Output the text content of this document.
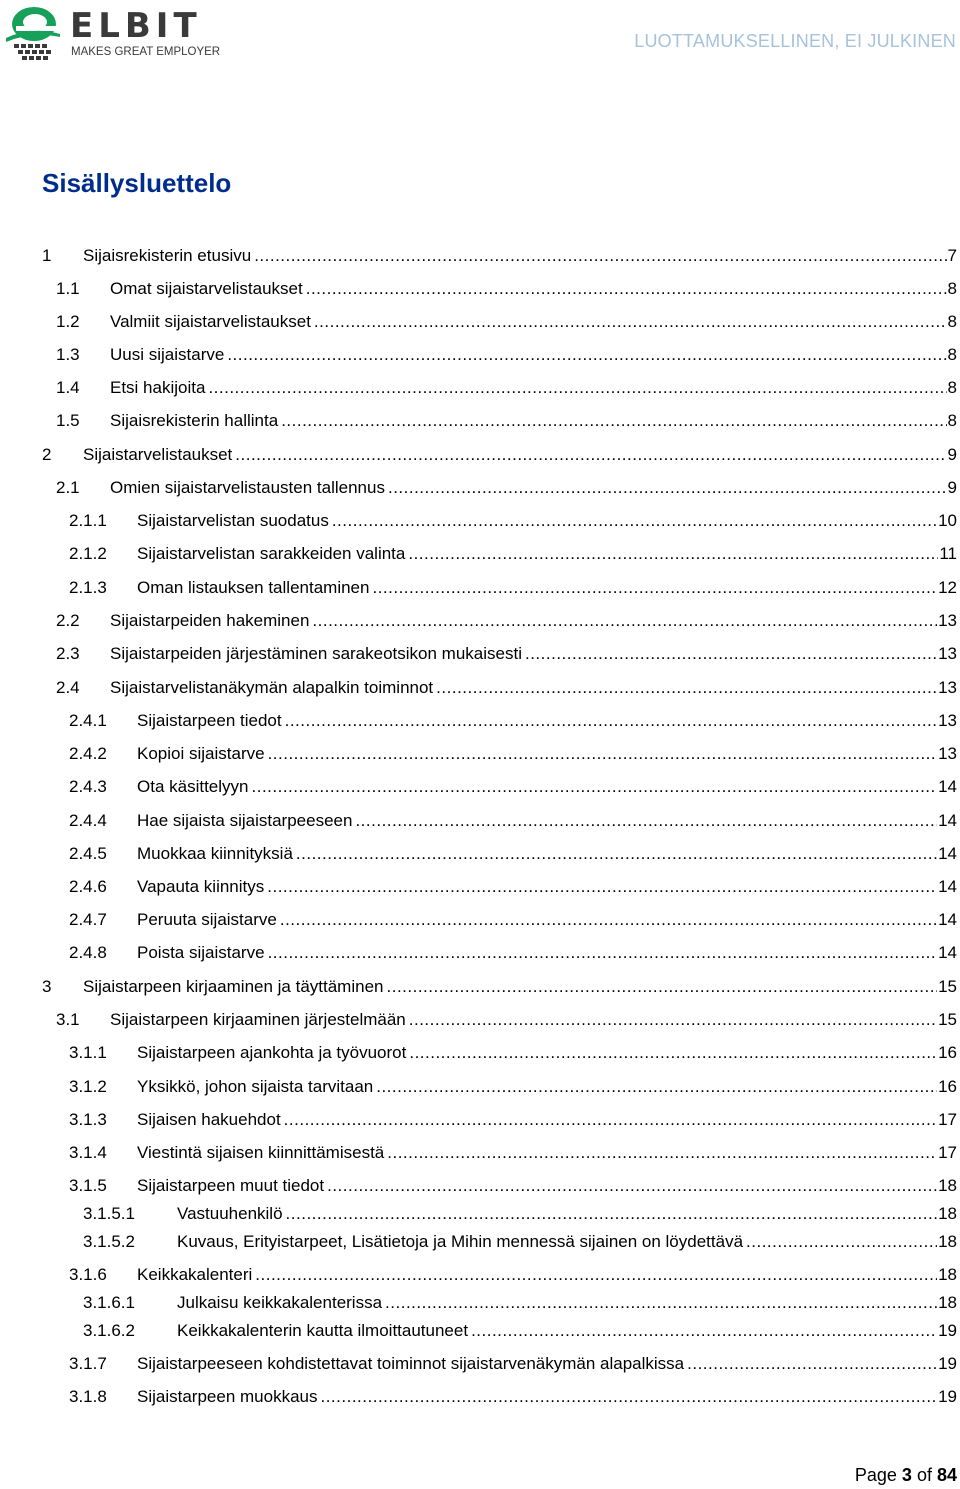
ELBIT
MAKES GREAT EMPLOYERS
LUOTTAMUKSELLINEN, EI JULKINEN
Sisällysluettelo
1	Sijaisrekisterin etusivu .....	7
1.1	Omat sijaistarvelistaukset .....	8
1.2	Valmiit sijaistarvelistaukset .....	8
1.3	Uusi sijaistarve .....	8
1.4	Etsi hakijoita .....	8
1.5	Sijaisrekisterin hallinta .....	8
2	Sijaistarvelistaukset .....	9
2.1	Omien sijaistarvelistausten tallennus .....	9
2.1.1	Sijaistarvelistan suodatus .....	10
2.1.2	Sijaistarvelistan sarakkeiden valinta .....	11
2.1.3	Oman listauksen tallentaminen .....	12
2.2	Sijaistarpeiden hakeminen .....	13
2.3	Sijaistarpeiden järjestäminen sarakeotsikon mukaisesti .....	13
2.4	Sijaistarvelistanäkymän alapalkin toiminnot .....	13
2.4.1	Sijaistarpeen tiedot .....	13
2.4.2	Kopioi sijaistarve .....	13
2.4.3	Ota käsittelyyn .....	14
2.4.4	Hae sijaista sijaistarpeeseen .....	14
2.4.5	Muokkaa kiinnityksiä .....	14
2.4.6	Vapauta kiinnitys .....	14
2.4.7	Peruuta sijaistarve .....	14
2.4.8	Poista sijaistarve .....	14
3	Sijaistarpeen kirjaaminen ja täyttäminen .....	15
3.1	Sijaistarpeen kirjaaminen järjestelmään .....	15
3.1.1	Sijaistarpeen ajankohta ja työvuorot .....	16
3.1.2	Yksikkö, johon sijaista tarvitaan .....	16
3.1.3	Sijaisen hakuehdot .....	17
3.1.4	Viestintä sijaisen kiinnittämisestä .....	17
3.1.5	Sijaistarpeen muut tiedot .....	18
3.1.5.1	Vastuuhenkilö .....	18
3.1.5.2	Kuvaus, Erityistarpeet, Lisätietoja ja Mihin mennessä sijainen on löydettävä .....	18
3.1.6	Keikkakalenteri .....	18
3.1.6.1	Julkaisu keikkakalenterissa .....	18
3.1.6.2	Keikkakalenterin kautta ilmoittautuneet .....	19
3.1.7	Sijaistarpeeseen kohdistettavat toiminnot sijaistarvenäkymän alapalkissa .....	19
3.1.8	Sijaistarpeen muokkaus .....	19
Page 3 of 84
